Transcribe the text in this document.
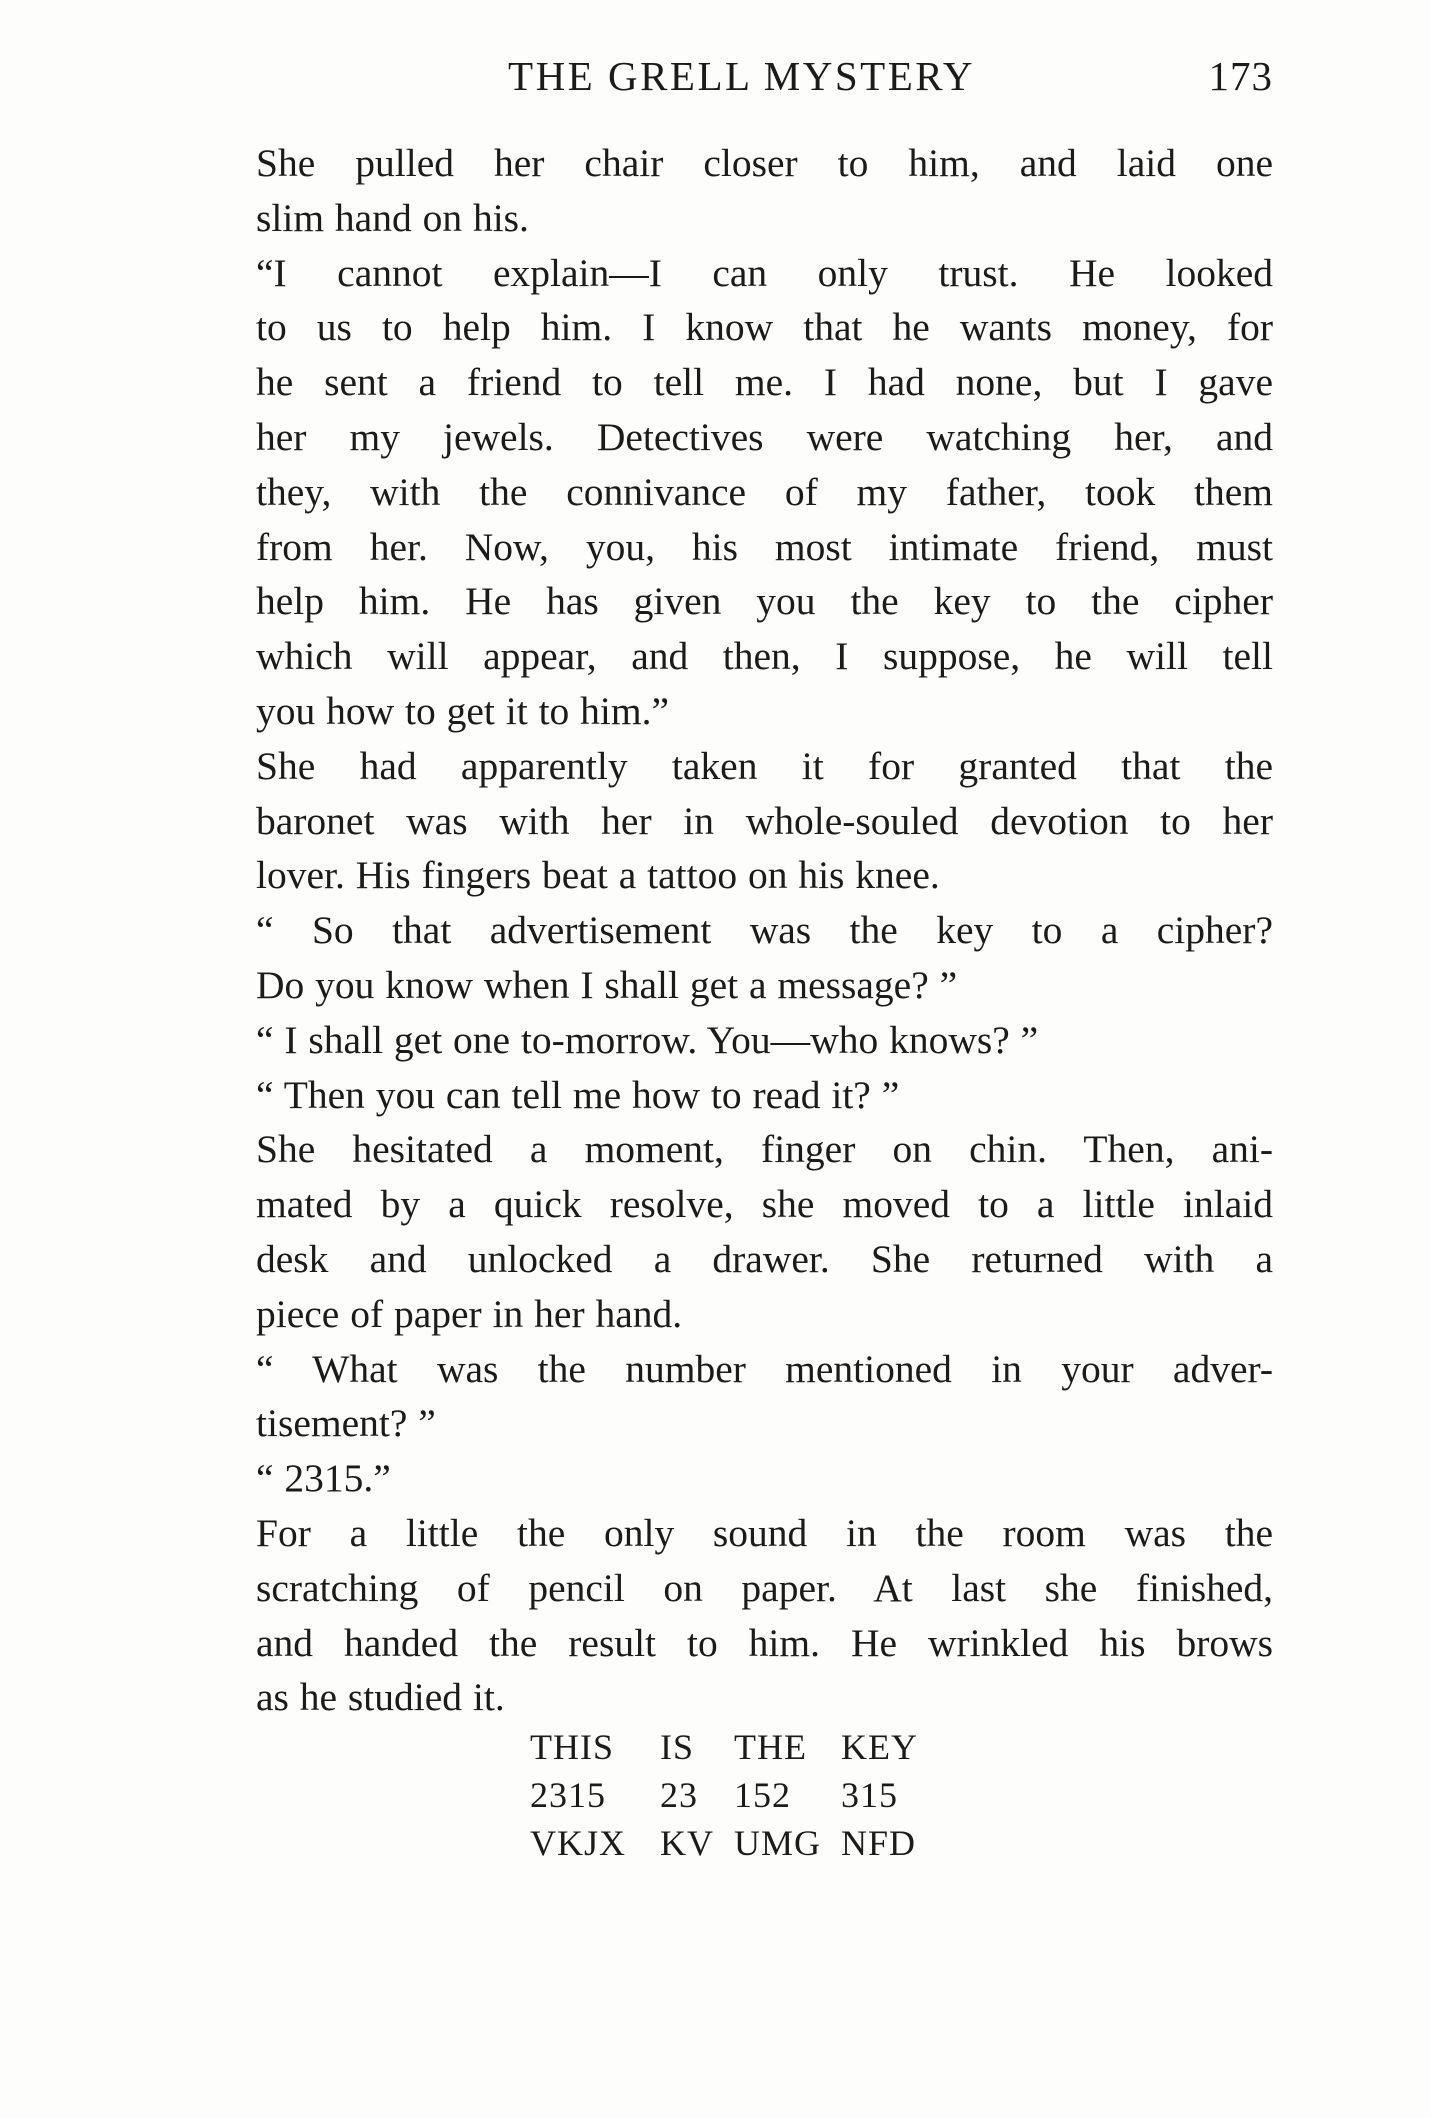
THE GRELL MYSTERY	173

She pulled her chair closer to him, and laid one
slim hand on his.

“I cannot explain—I can only trust. He looked
to us to help him. I know that he wants money, for
he sent a friend to tell me. I had none, but I gave
her my jewels. Detectives were watching her, and
they, with the connivance of my father, took them
from her. Now, you, his most intimate friend, must
help him. He has given you the key to the cipher
which will appear, and then, I suppose, he will tell
you how to get it to him.”

She had apparently taken it for granted that the
baronet was with her in whole-souled devotion to her
lover. His fingers beat a tattoo on his knee.

“ So that advertisement was the key to a cipher?
Do you know when I shall get a message? ”

“ I shall get one to-morrow. You—who knows? ”

“ Then you can tell me how to read it? ”

She hesitated a moment, finger on chin. Then, ani-
mated by a quick resolve, she moved to a little inlaid
desk and unlocked a drawer. She returned with a
piece of paper in her hand.

“ What was the number mentioned in your adver-
tisement? ”

“ 2315.”

For a little the only sound in the room was the
scratching of pencil on paper. At last she finished,
and handed the result to him. He wrinkled his brows
as he studied it.

THIS	IS	THE KEY
2315	23	152	315
VKJX KV UMG NFD
